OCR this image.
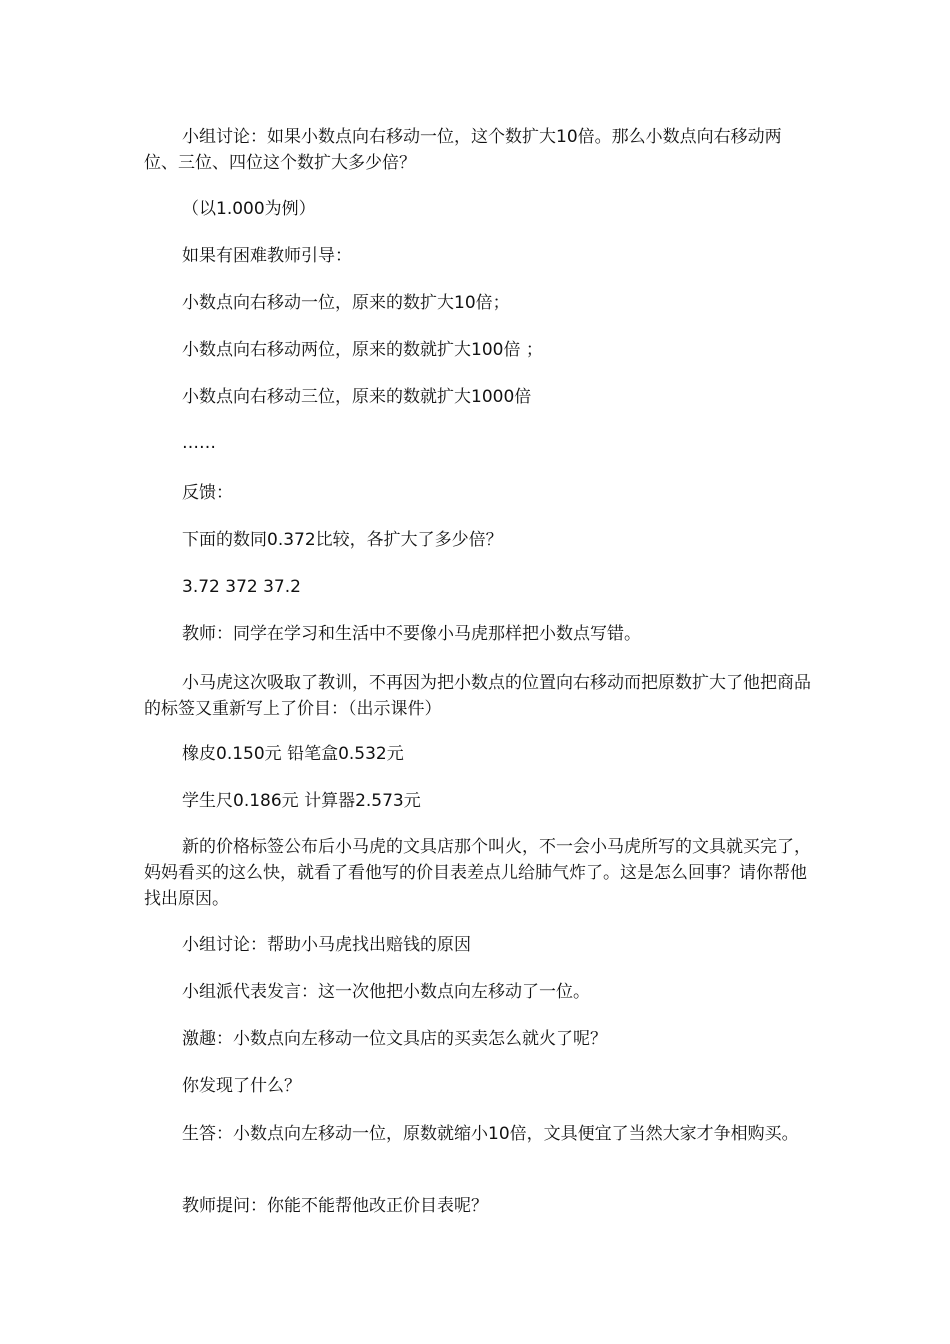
小组讨论：如果小数点向右移动一位，这个数扩大10倍。那么小数点向右移动两位、三位、四位这个数扩大多少倍？

（以1.000为例）

如果有困难教师引导：

小数点向右移动一位，原来的数扩大10倍；

小数点向右移动两位，原来的数就扩大100倍 ；

小数点向右移动三位，原来的数就扩大1000倍

……

反馈：

下面的数同0.372比较，各扩大了多少倍？

3.72 372 37.2

教师：同学在学习和生活中不要像小马虎那样把小数点写错。

小马虎这次吸取了教训，不再因为把小数点的位置向右移动而把原数扩大了他把商品的标签又重新写上了价目：（出示课件）

橡皮0.150元 铅笔盒0.532元

学生尺0.186元 计算器2.573元

新的价格标签公布后小马虎的文具店那个叫火，不一会小马虎所写的文具就买完了，妈妈看买的这么快，就看了看他写的价目表差点儿给肺气炸了。这是怎么回事？请你帮他找出原因。

小组讨论：帮助小马虎找出赔钱的原因

小组派代表发言：这一次他把小数点向左移动了一位。

激趣：小数点向左移动一位文具店的买卖怎么就火了呢？

你发现了什么？

生答：小数点向左移动一位，原数就缩小10倍，文具便宜了当然大家才争相购买。

教师提问：你能不能帮他改正价目表呢？
